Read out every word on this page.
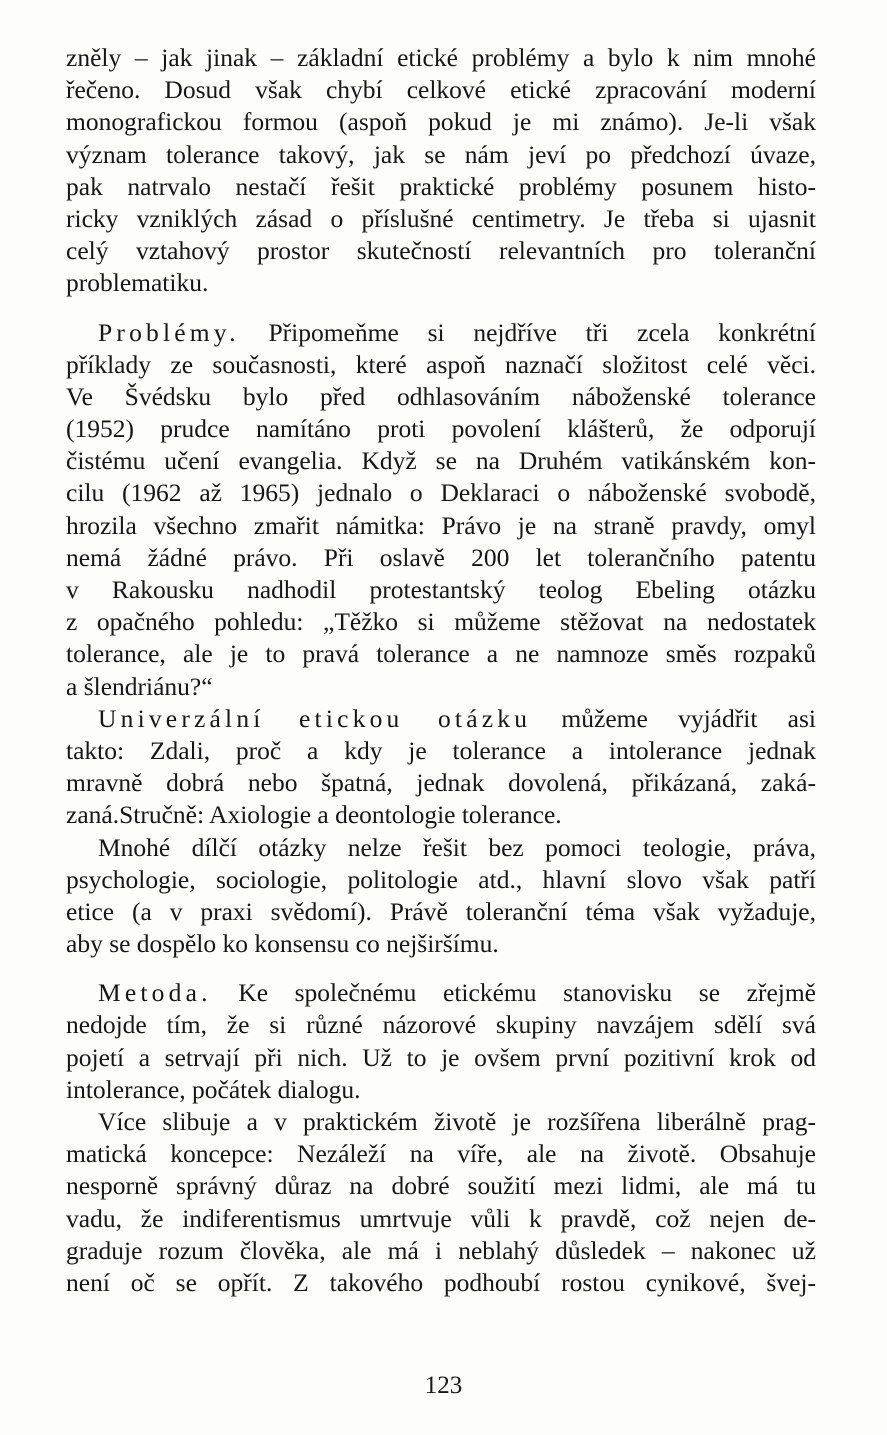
zněly – jak jinak – základní etické problémy a bylo k nim mnohé
řečeno. Dosud však chybí celkové etické zpracování moderní
monografickou formou (aspoň pokud je mi známo). Je-li však
význam tolerance takový, jak se nám jeví po předchozí úvaze,
pak natrvalo nestačí řešit praktické problémy posunem histo-
ricky vzniklých zásad o příslušné centimetry. Je třeba si ujasnit
celý vztahový prostor skutečností relevantních pro toleranční
problematiku.
Problémy. Připomeňme si nejdříve tři zcela konkrétní
příklady ze současnosti, které aspoň naznačí složitost celé věci.
Ve Švédsku bylo před odhlasováním náboženské tolerance
(1952) prudce namítáno proti povolení klášterů, že odporují
čistému učení evangelia. Když se na Druhém vatikánském kon-
cilu (1962 až 1965) jednalo o Deklaraci o náboženské svobodě,
hrozila všechno zmařit námitka: Právo je na straně pravdy, omyl
nemá žádné právo. Při oslavě 200 let tolerančního patentu
v Rakousku nadhodil protestantský teolog Ebeling otázku
z opačného pohledu: „Těžko si můžeme stěžovat na nedostatek
tolerance, ale je to pravá tolerance a ne namnoze směs rozpaků
a šlendriánu?“
Univerzální etickou otázku můžeme vyjádřit asi
takto: Zdali, proč a kdy je tolerance a intolerance jednak
mravně dobrá nebo špatná, jednak dovolená, přikázaná, zaká-
zaná.Stručně: Axiologie a deontologie tolerance.
Mnohé dílčí otázky nelze řešit bez pomoci teologie, práva,
psychologie, sociologie, politologie atd., hlavní slovo však patří
etice (a v praxi svědomí). Právě toleranční téma však vyžaduje,
aby se dospělo ko konsensu co nejširšímu.
Metoda. Ke společnému etickému stanovisku se zřejmě
nedojde tím, že si různé názorové skupiny navzájem sdělí svá
pojetí a setrvají při nich. Už to je ovšem první pozitivní krok od
intolerance, počátek dialogu.
Více slibuje a v praktickém životě je rozšířena liberálně prag-
matická koncepce: Nezáleží na víře, ale na životě. Obsahuje
nesporně správný důraz na dobré soužití mezi lidmi, ale má tu
vadu, že indiferentismus umrtvuje vůli k pravdě, což nejen de-
graduje rozum člověka, ale má i neblahý důsledek – nakonec už
není oč se opřít. Z takového podhoubí rostou cynikové, švej-
123
